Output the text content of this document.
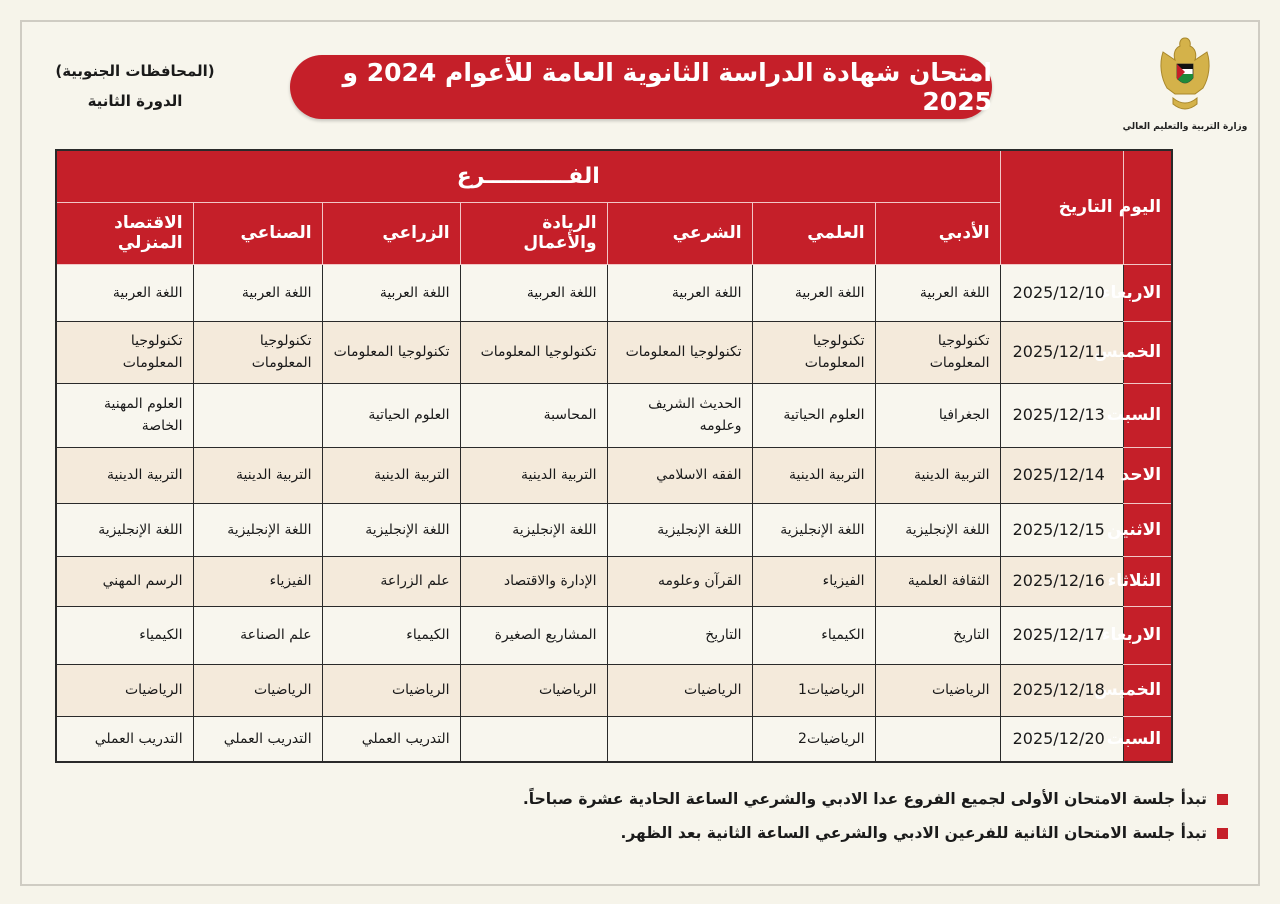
وزارة التربية والتعليم العالي
امتحان شهادة الدراسة الثانوية العامة للأعوام 2024 و 2025
(المحافظات الجنوبية)
الدورة الثانية
اليوم	التاريخ	الفـــــــــــرع						
		الأدبي	العلمي	الشرعي	الريادة والأعمال	الزراعي	الصناعي	الاقتصاد المنزلي
الاربعاء	2025/12/10	اللغة العربية	اللغة العربية	اللغة العربية	اللغة العربية	اللغة العربية	اللغة العربية	اللغة العربية
الخميس	2025/12/11	تكنولوجيا المعلومات	تكنولوجيا المعلومات	تكنولوجيا المعلومات	تكنولوجيا المعلومات	تكنولوجيا المعلومات	تكنولوجيا المعلومات	تكنولوجيا المعلومات
السبت	2025/12/13	الجغرافيا	العلوم الحياتية	الحديث الشريف وعلومه	المحاسبة	العلوم الحياتية		العلوم المهنية الخاصة
الاحد	2025/12/14	التربية الدينية	التربية الدينية	الفقه الاسلامي	التربية الدينية	التربية الدينية	التربية الدينية	التربية الدينية
الاثنين	2025/12/15	اللغة الإنجليزية	اللغة الإنجليزية	اللغة الإنجليزية	اللغة الإنجليزية	اللغة الإنجليزية	اللغة الإنجليزية	اللغة الإنجليزية
الثلاثاء	2025/12/16	الثقافة العلمية	الفيزياء	القرآن وعلومه	الإدارة والاقتصاد	علم الزراعة	الفيزياء	الرسم المهني
الاربعاء	2025/12/17	التاريخ	الكيمياء	التاريخ	المشاريع الصغيرة	الكيمياء	علم الصناعة	الكيمياء
الخميس	2025/12/18	الرياضيات	الرياضيات1	الرياضيات	الرياضيات	الرياضيات	الرياضيات	الرياضيات
السبت	2025/12/20		الرياضيات2			التدريب العملي	التدريب العملي	التدريب العملي
تبدأ جلسة الامتحان الأولى لجميع الفروع عدا الادبي والشرعي الساعة الحادية عشرة صباحاً.
تبدأ جلسة الامتحان الثانية للفرعين الادبي والشرعي الساعة الثانية بعد الظهر.
